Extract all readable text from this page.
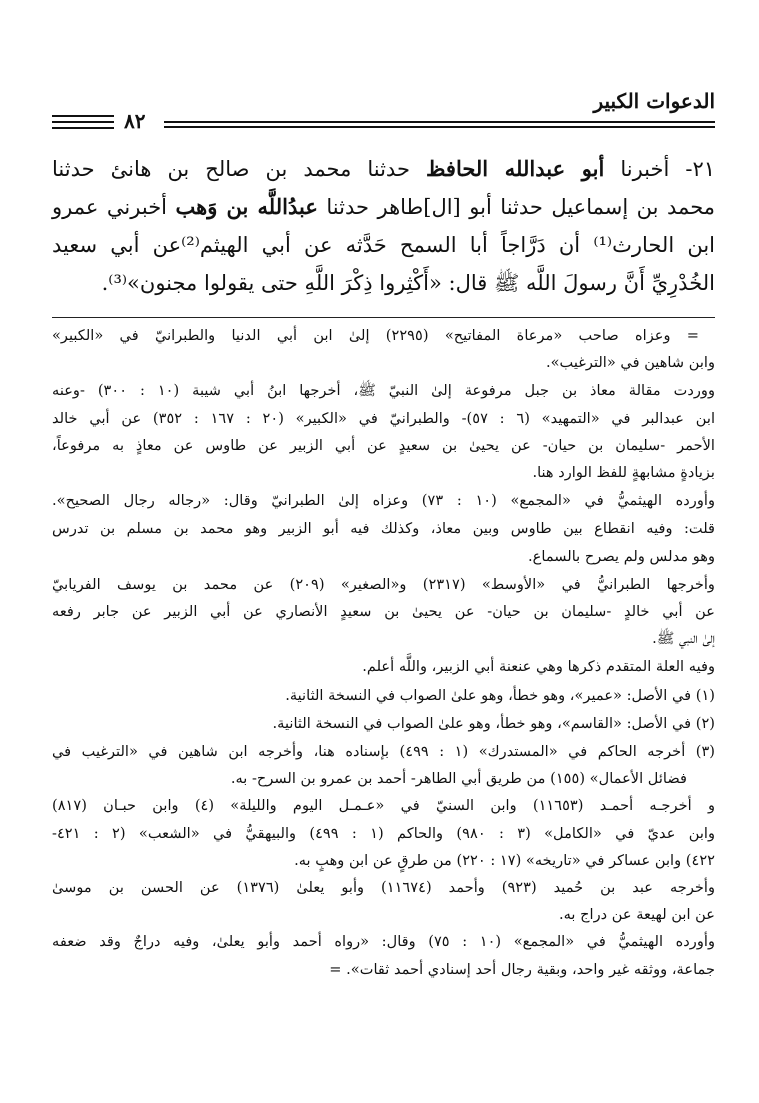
الدعوات الكبير
٨٢

٢١- أخبرنا أبو عبدالله الحافظ حدثنا محمد بن صالح بن هانئ حدثنا
محمد بن إسماعيل حدثنا أبو [ال]طاهر حدثنا عبدُاللَّه بن وَهب أخبرني عمرو
ابن الحارث⁽¹⁾ أن دَرَّاجاً أبا السمح حَدَّثه عن أبي الهيثم⁽²⁾عن أبي سعيد
الخُدْرِيِّ أَنَّ رسولَ اللَّه ﷺ قال: «أَكْثِروا ذِكْرَ اللَّهِ حتى يقولوا مجنون»⁽³⁾.

= وعزاه صاحب «مرعاة المفاتيح» (٢٢٩٥) إلىٰ ابن أبي الدنيا والطبرانيّ في «الكبير»
وابن شاهين في «الترغيب».
ووردت مقالة معاذ بن جبل مرفوعة إلىٰ النبيّ ﷺ، أخرجها ابنُ أبي شيبة (١٠ : ٣٠٠) -وعنه
ابن عبدالبر في «التمهيد» (٦ : ٥٧)- والطبرانيّ في «الكبير» (٢٠ : ١٦٧ : ٣٥٢) عن أبي خالد
الأحمر -سليمان بن حيان- عن يحيىٰ بن سعيدٍ عن أبي الزبير عن طاوس عن معاذٍ به مرفوعاً،
بزيادةٍ مشابهةٍ للفظ الوارد هنا.
وأورده الهيثميُّ في «المجمع» (١٠ : ٧٣) وعزاه إلىٰ الطبرانيّ وقال: «رجاله رجال الصحيح».
قلت: وفيه انقطاع بين طاوس وبين معاذ، وكذلك فيه أبو الزبير وهو محمد بن مسلم بن تدرس
وهو مدلس ولم يصرح بالسماع.
وأخرجها الطبرانيُّ في «الأوسط» (٢٣١٧) و«الصغير» (٢٠٩) عن محمد بن يوسف الفريابيّ
عن أبي خالدٍ -سليمان بن حيان- عن يحيىٰ بن سعيدٍ الأنصاري عن أبي الزبير عن جابر رفعه
إلىٰ النبي ﷺ.
وفيه العلة المتقدم ذكرها وهي عنعنة أبي الزبير، واللَّه أعلم.
(١) في الأصل: «عمير»، وهو خطأ، وهو علىٰ الصواب في النسخة الثانية.
(٢) في الأصل: «القاسم»، وهو خطأ، وهو علىٰ الصواب في النسخة الثانية.
(٣) أخرجه الحاكم في «المستدرك» (١ : ٤٩٩) بإسناده هنا، وأخرجه ابن شاهين في «الترغيب في
فضائل الأعمال» (١٥٥) من طريق أبي الطاهر- أحمد بن عمرو بن السرح- به.
و أخرجـه أحمـد (١١٦٥٣) وابن السنيّ في «عـمـل اليوم والليلة» (٤) وابن حبـان (٨١٧)
وابن عديّ في «الكامل» (٣ : ٩٨٠) والحاكم (١ : ٤٩٩) والبيهقيُّ في «الشعب» (٢ : ٤٢١-
٤٢٢) وابن عساكر في «تاريخه» (١٧ : ٢٢٠) من طرقٍ عن ابن وهبٍ به.
وأخرجه عبد بن حُميد (٩٢٣) وأحمد (١١٦٧٤) وأبو يعلىٰ (١٣٧٦) عن الحسن بن موسىٰ
عن ابن لهيعة عن دراج به.
وأورده الهيثميُّ في «المجمع» (١٠ : ٧٥) وقال: «رواه أحمد وأبو يعلىٰ، وفيه دراجٌ وقد ضعفه
جماعة، ووثقه غير واحد، وبقية رجال أحد إسنادي أحمد ثقات». =
